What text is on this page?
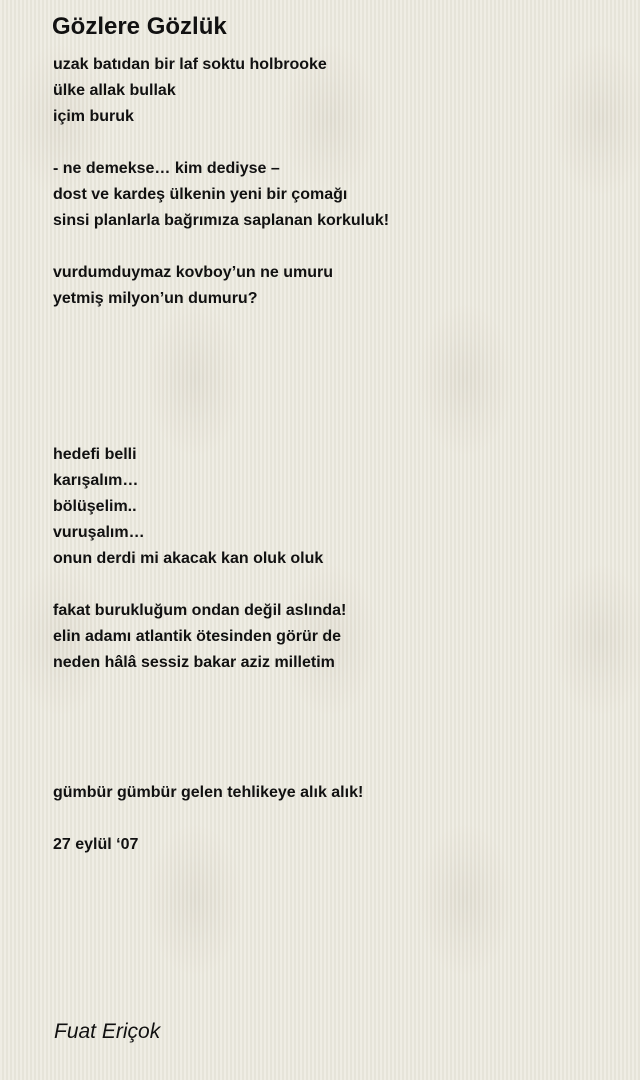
Gözlere Gözlük
uzak batıdan bir laf soktu holbrooke
ülke allak bullak
içim buruk
- ne demekse… kim dediyse –
dost ve kardeş ülkenin yeni bir çomağı
sinsi planlarla bağrımıza saplanan korkuluk!
vurdumduymaz kovboy’un ne umuru
yetmiş milyon’un dumuru?
hedefi belli
karışalım…
bölüşelim..
vuruşalım…
onun derdi mi akacak kan oluk oluk
fakat burukluğum ondan değil aslında!
elin adamı atlantik ötesinden görür de
neden hâlâ sessiz bakar aziz milletim
gümbür gümbür gelen tehlikeye alık alık!
27 eylül ‘07
Fuat Eriçok
